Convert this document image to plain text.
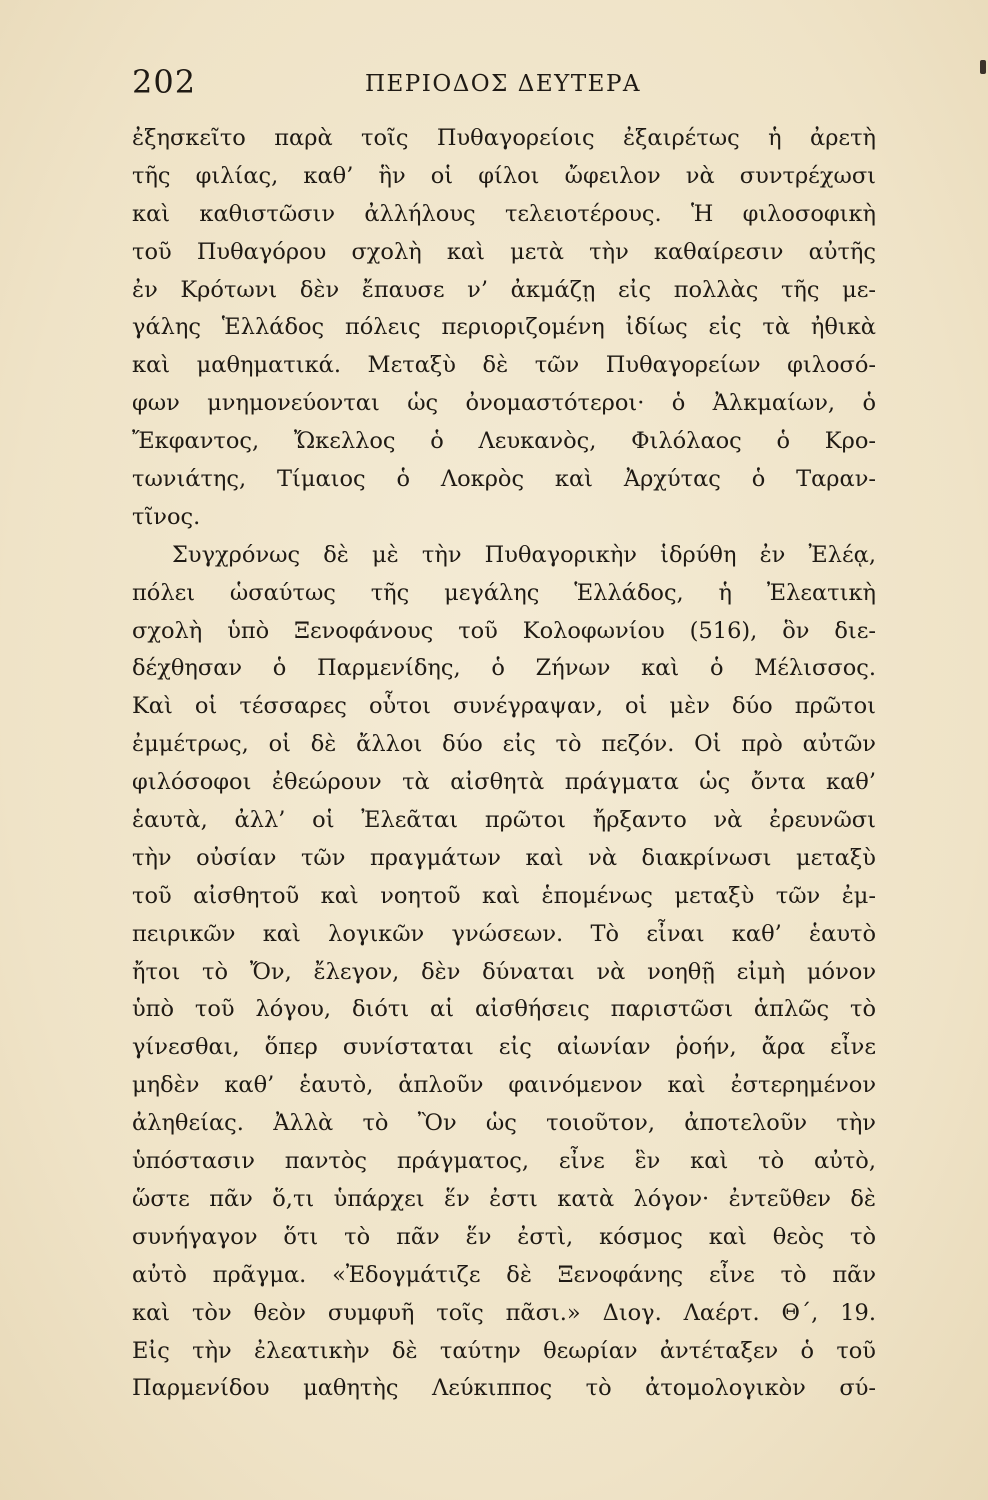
202	ΠΕΡΙΟΔΟΣ ΔΕΥΤΕΡΑ
ἐξησκεῖτο παρὰ τοῖς Πυθαγορείοις ἐξαιρέτως ἡ ἀρετὴ
τῆς φιλίας, καθ’ ἣν οἱ φίλοι ὤφειλον νὰ συντρέχωσι
καὶ καθιστῶσιν ἀλλήλους τελειοτέρους. Ἡ φιλοσοφικὴ
τοῦ Πυθαγόρου σχολὴ καὶ μετὰ τὴν καθαίρεσιν αὐτῆς
ἐν Κρότωνι δὲν ἔπαυσε ν’ ἀκμάζῃ εἰς πολλὰς τῆς με-
γάλης Ἑλλάδος πόλεις περιοριζομένη ἰδίως εἰς τὰ ἠθικὰ
καὶ μαθηματικά. Μεταξὺ δὲ τῶν Πυθαγορείων φιλοσό-
φων μνημονεύονται ὡς ὀνομαστότεροι· ὁ Ἀλκμαίων, ὁ
Ἔκφαντος, Ὤκελλος ὁ Λευκανὸς, Φιλόλαος ὁ Κρο-
τωνιάτης, Τίμαιος ὁ Λοκρὸς καὶ Ἀρχύτας ὁ Ταραν-
τῖνος.
Συγχρόνως δὲ μὲ τὴν Πυθαγορικὴν ἱδρύθη ἐν Ἐλέᾳ,
πόλει ὡσαύτως τῆς μεγάλης Ἑλλάδος, ἡ Ἐλεατικὴ
σχολὴ ὑπὸ Ξενοφάνους τοῦ Κολοφωνίου (516), ὃν διε-
δέχθησαν ὁ Παρμενίδης, ὁ Ζήνων καὶ ὁ Μέλισσος.
Καὶ οἱ τέσσαρες οὗτοι συνέγραψαν, οἱ μὲν δύο πρῶτοι
ἐμμέτρως, οἱ δὲ ἄλλοι δύο εἰς τὸ πεζόν. Οἱ πρὸ αὐτῶν
φιλόσοφοι ἐθεώρουν τὰ αἰσθητὰ πράγματα ὡς ὄντα καθ’
ἑαυτὰ, ἀλλ’ οἱ Ἐλεᾶται πρῶτοι ἤρξαντο νὰ ἐρευνῶσι
τὴν οὐσίαν τῶν πραγμάτων καὶ νὰ διακρίνωσι μεταξὺ
τοῦ αἰσθητοῦ καὶ νοητοῦ καὶ ἑπομένως μεταξὺ τῶν ἐμ-
πειρικῶν καὶ λογικῶν γνώσεων. Τὸ εἶναι καθ’ ἑαυτὸ
ἤτοι τὸ Ὄν, ἔλεγον, δὲν δύναται νὰ νοηθῇ εἰμὴ μόνον
ὑπὸ τοῦ λόγου, διότι αἱ αἰσθήσεις παριστῶσι ἁπλῶς τὸ
γίνεσθαι, ὅπερ συνίσταται εἰς αἰωνίαν ῥοήν, ἄρα εἶνε
μηδὲν καθ’ ἑαυτὸ, ἁπλοῦν φαινόμενον καὶ ἐστερημένον
ἀληθείας. Ἀλλὰ τὸ Ὂν ὡς τοιοῦτον, ἀποτελοῦν τὴν
ὑπόστασιν παντὸς πράγματος, εἶνε ἓν καὶ τὸ αὐτὸ,
ὥστε πᾶν ὅ,τι ὑπάρχει ἕν ἐστι κατὰ λόγον· ἐντεῦθεν δὲ
συνήγαγον ὅτι τὸ πᾶν ἕν ἐστὶ, κόσμος καὶ θεὸς τὸ
αὐτὸ πρᾶγμα. «Ἐδογμάτιζε δὲ Ξενοφάνης εἶνε τὸ πᾶν
καὶ τὸν θεὸν συμφυῆ τοῖς πᾶσι.» Διογ. Λαέρτ. Θ΄, 19.
Εἰς τὴν ἐλεατικὴν δὲ ταύτην θεωρίαν ἀντέταξεν ὁ τοῦ
Παρμενίδου μαθητὴς Λεύκιππος τὸ ἀτομολογικὸν σύ-
